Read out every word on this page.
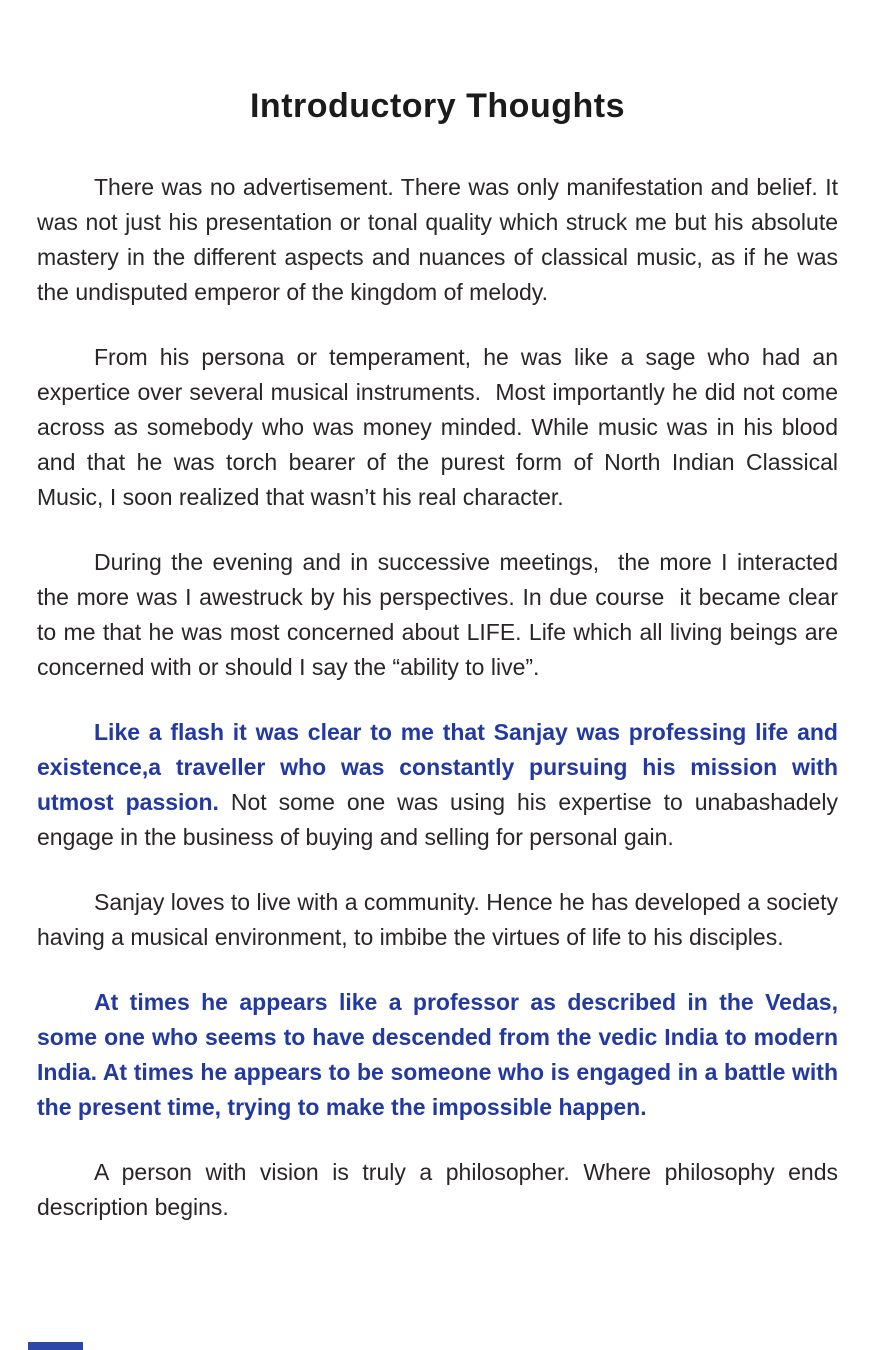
Introductory Thoughts

There was no advertisement. There was only manifestation and belief. It was not just his presentation or tonal quality which struck me but his absolute mastery in the different aspects and nuances of classical music, as if he was the undisputed emperor of the kingdom of melody.

From his persona or temperament, he was like a sage who had an expertice over several musical instruments.  Most importantly he did not come across as somebody who was money minded. While music was in his blood and that he was torch bearer of the purest form of North Indian Classical  Music, I soon realized that wasn’t his real character.

During the evening and in successive meetings,  the more I interacted the more was I awestruck by his perspectives. In due course  it became clear to me that he was most concerned about LIFE. Life which all living beings are concerned with or should I say the “ability to live”.

Like a flash it was clear to me that Sanjay was professing life and existence,a traveller who was constantly pursuing his mission with utmost passion. Not some one was using his expertise to unabashadely engage in the business of buying and selling for personal gain.

Sanjay loves to live with a community. Hence he has developed a society having a musical environment, to imbibe the virtues of life to his disciples.

At times he appears like a professor as described in the Vedas, some one who seems to have descended from the vedic India to modern India. At times he appears to be someone who is engaged in a battle with the present time, trying to make the impossible happen.

A person with vision is truly a philosopher. Where philosophy ends description begins.
